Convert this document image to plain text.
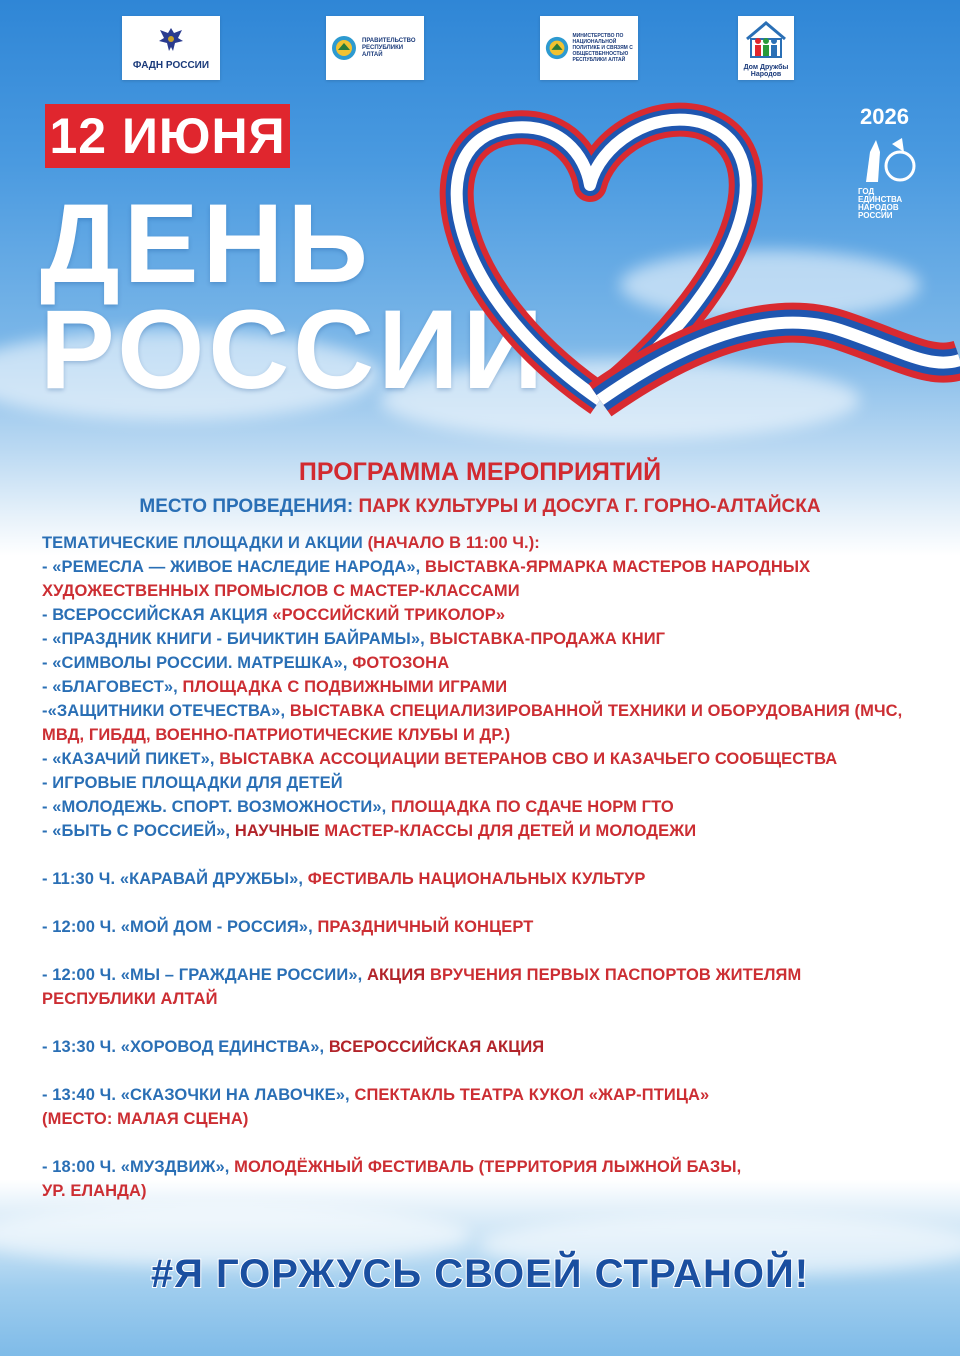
ФАДН РОССИИ
ПРАВИТЕЛЬСТВО РЕСПУБЛИКИ АЛТАЙ
МИНИСТЕРСТВО ПО НАЦИОНАЛЬНОЙ ПОЛИТИКЕ И СВЯЗЯМ С ОБЩЕСТВЕННОСТЬЮ РЕСПУБЛИКИ АЛТАЙ
Дом Дружбы Народов
12 ИЮНЯ
ДЕНЬ
РОССИИ
2026
ГОД
ЕДИНСТВА
НАРОДОВ
РОССИИ
ПРОГРАММА МЕРОПРИЯТИЙ
МЕСТО ПРОВЕДЕНИЯ: ПАРК КУЛЬТУРЫ И ДОСУГА Г. ГОРНО-АЛТАЙСКА
ТЕМАТИЧЕСКИЕ ПЛОЩАДКИ И АКЦИИ (НАЧАЛО В 11:00 Ч.):
- «РЕМЕСЛА — ЖИВОЕ НАСЛЕДИЕ НАРОДА», ВЫСТАВКА-ЯРМАРКА МАСТЕРОВ НАРОДНЫХ
ХУДОЖЕСТВЕННЫХ ПРОМЫСЛОВ С МАСТЕР-КЛАССАМИ
- ВСЕРОССИЙСКАЯ АКЦИЯ «РОССИЙСКИЙ ТРИКОЛОР»
- «ПРАЗДНИК КНИГИ - БИЧИКТИН БАЙРАМЫ», ВЫСТАВКА-ПРОДАЖА КНИГ
- «СИМВОЛЫ РОССИИ. МАТРЕШКА», ФОТОЗОНА
- «БЛАГОВЕСТ», ПЛОЩАДКА С ПОДВИЖНЫМИ ИГРАМИ
-«ЗАЩИТНИКИ ОТЕЧЕСТВА», ВЫСТАВКА СПЕЦИАЛИЗИРОВАННОЙ ТЕХНИКИ И ОБОРУДОВАНИЯ (МЧС,
МВД, ГИБДД, ВОЕННО-ПАТРИОТИЧЕСКИЕ КЛУБЫ И ДР.)
- «КАЗАЧИЙ ПИКЕТ», ВЫСТАВКА АССОЦИАЦИИ ВЕТЕРАНОВ СВО И КАЗАЧЬЕГО СООБЩЕСТВА
- ИГРОВЫЕ ПЛОЩАДКИ ДЛЯ ДЕТЕЙ
- «МОЛОДЕЖЬ. СПОРТ. ВОЗМОЖНОСТИ», ПЛОЩАДКА ПО СДАЧЕ НОРМ ГТО
- «БЫТЬ С РОССИЕЙ», НАУЧНЫЕ МАСТЕР-КЛАССЫ ДЛЯ ДЕТЕЙ И МОЛОДЕЖИ
- 11:30 Ч. «КАРАВАЙ ДРУЖБЫ», ФЕСТИВАЛЬ НАЦИОНАЛЬНЫХ КУЛЬТУР
- 12:00 Ч. «МОЙ ДОМ - РОССИЯ», ПРАЗДНИЧНЫЙ КОНЦЕРТ
- 12:00 Ч. «МЫ – ГРАЖДАНЕ РОССИИ», АКЦИЯ ВРУЧЕНИЯ ПЕРВЫХ ПАСПОРТОВ ЖИТЕЛЯМ
РЕСПУБЛИКИ АЛТАЙ
- 13:30 Ч. «ХОРОВОД ЕДИНСТВА», ВСЕРОССИЙСКАЯ АКЦИЯ
- 13:40 Ч. «СКАЗОЧКИ НА ЛАВОЧКЕ», СПЕКТАКЛЬ ТЕАТРА КУКОЛ «ЖАР-ПТИЦА»
(МЕСТО: МАЛАЯ СЦЕНА)
- 18:00 Ч. «МУЗДВИЖ», МОЛОДЁЖНЫЙ ФЕСТИВАЛЬ (ТЕРРИТОРИЯ ЛЫЖНОЙ БАЗЫ,
УР. ЕЛАНДА)
#Я ГОРЖУСЬ СВОЕЙ СТРАНОЙ!
